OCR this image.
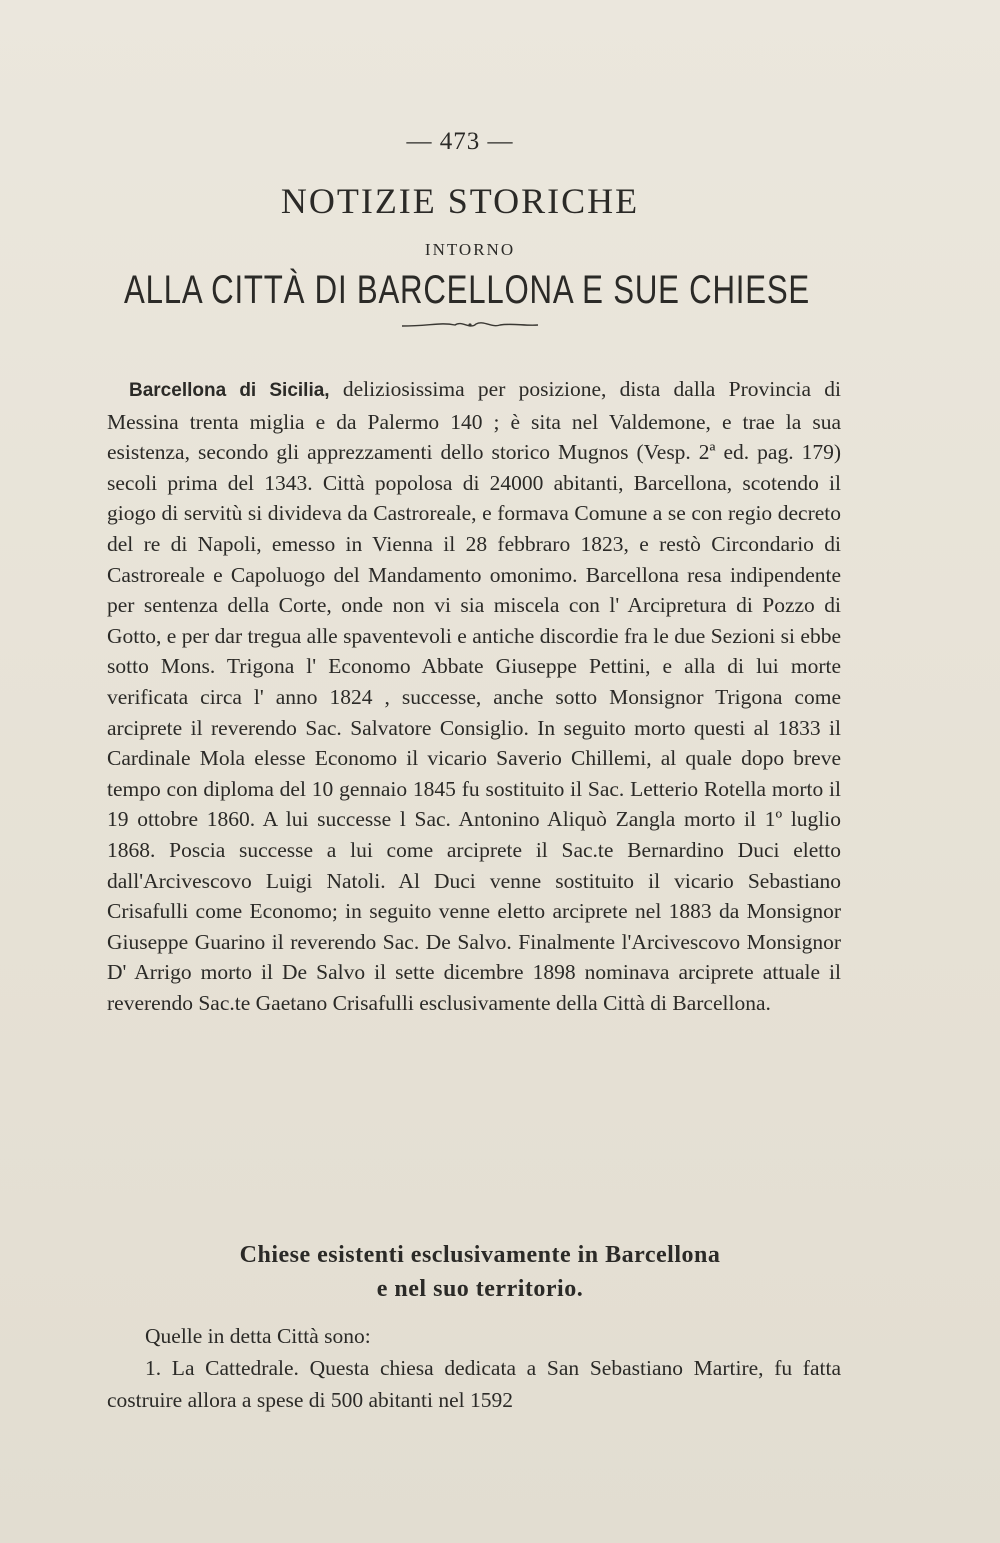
— 473 —
NOTIZIE STORICHE
INTORNO
ALLA CITTÀ DI BARCELLONA E SUE CHIESE

Barcellona di Sicilia, deliziosissima per posizione, dista dalla Provincia di Messina trenta miglia e da Palermo 140 ; è sita nel Valdemone, e trae la sua esistenza, secondo gli apprezzamenti dello storico Mugnos (Vesp. 2ª ed. pag. 179) secoli prima del 1343. Città popolosa di 24000 abitanti, Barcellona, scotendo il giogo di servitù si divideva da Castroreale, e formava Comune a se con regio decreto del re di Napoli, emesso in Vienna il 28 febbraro 1823, e restò Circondario di Castroreale e Capoluogo del Mandamento omonimo. Barcellona resa indipendente per sentenza della Corte, onde non vi sia miscela con l' Arcipretura di Pozzo di Gotto, e per dar tregua alle spaventevoli e antiche discordie fra le due Sezioni si ebbe sotto Mons. Trigona l' Economo Abbate Giuseppe Pettini, e alla di lui morte verificata circa l' anno 1824 , successe, anche sotto Monsignor Trigona come arciprete il reverendo Sac. Salvatore Consiglio. In seguito morto questi al 1833 il Cardinale Mola elesse Economo il vicario Saverio Chillemi, al quale dopo breve tempo con diploma del 10 gennaio 1845 fu sostituito il Sac. Letterio Rotella morto il 19 ottobre 1860. A lui successe l Sac. Antonino Aliquò Zangla morto il 1º luglio 1868. Poscia successe a lui come arciprete il Sac.te Bernardino Duci eletto dall'Arcivescovo Luigi Natoli. Al Duci venne sostituito il vicario Sebastiano Crisafulli come Economo; in seguito venne eletto arciprete nel 1883 da Monsignor Giuseppe Guarino il reverendo Sac. De Salvo. Finalmente l'Arcivescovo Monsignor D' Arrigo morto il De Salvo il sette dicembre 1898 nominava arciprete attuale il reverendo Sac.te Gaetano Crisafulli esclusivamente della Città di Barcellona.

Chiese esistenti esclusivamente in Barcellona
e nel suo territorio.

Quelle in detta Città sono:

1. La Cattedrale. Questa chiesa dedicata a San Sebastiano Martire, fu fatta costruire allora a spese di 500 abitanti nel 1592
